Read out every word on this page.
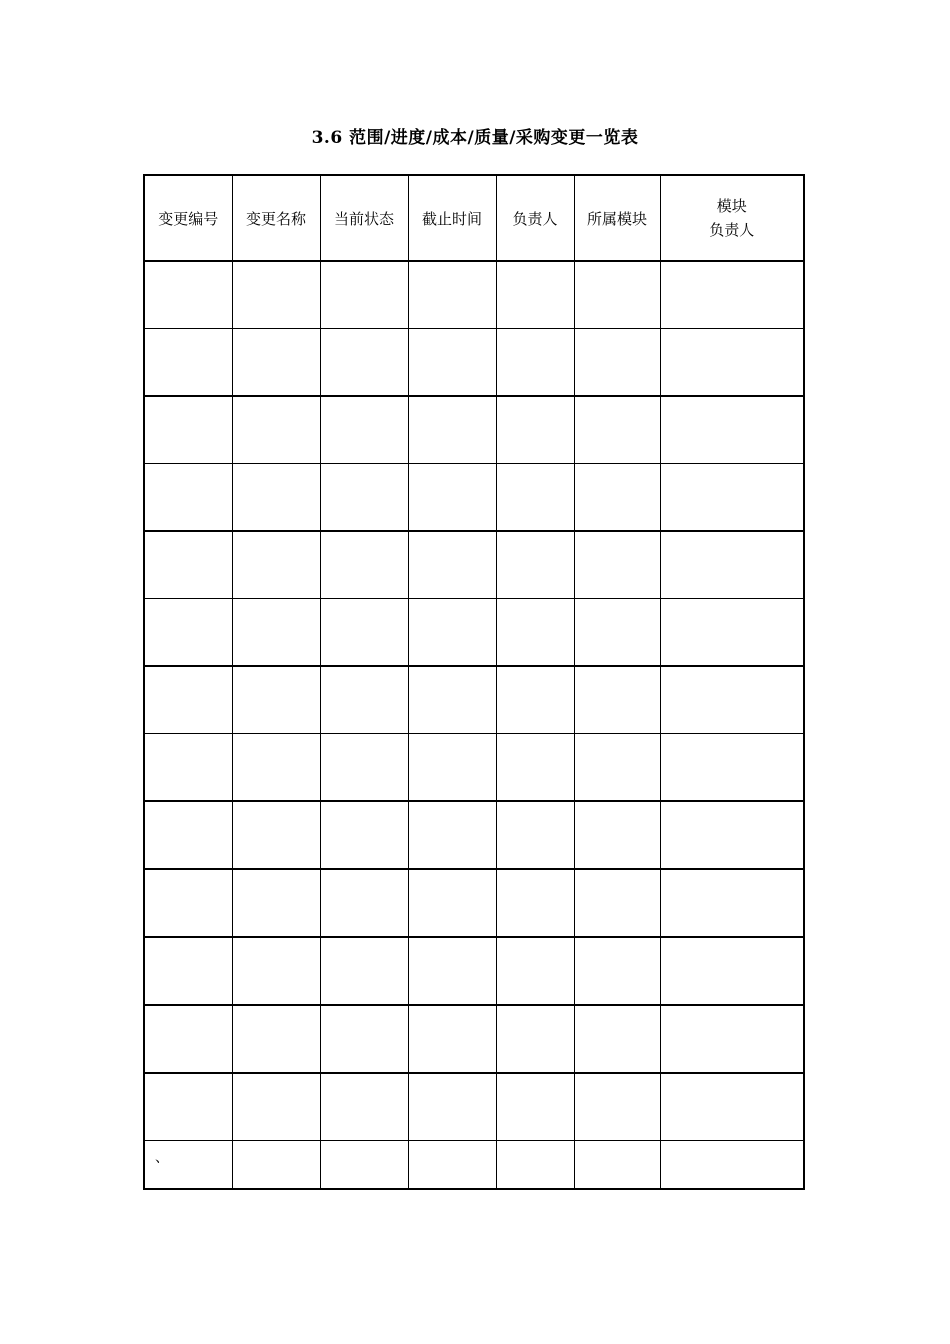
3.6 范围/进度/成本/质量/采购变更一览表
变更编号	变更名称	当前状态	截止时间	负责人	所属模块	模块
负责人

、						
